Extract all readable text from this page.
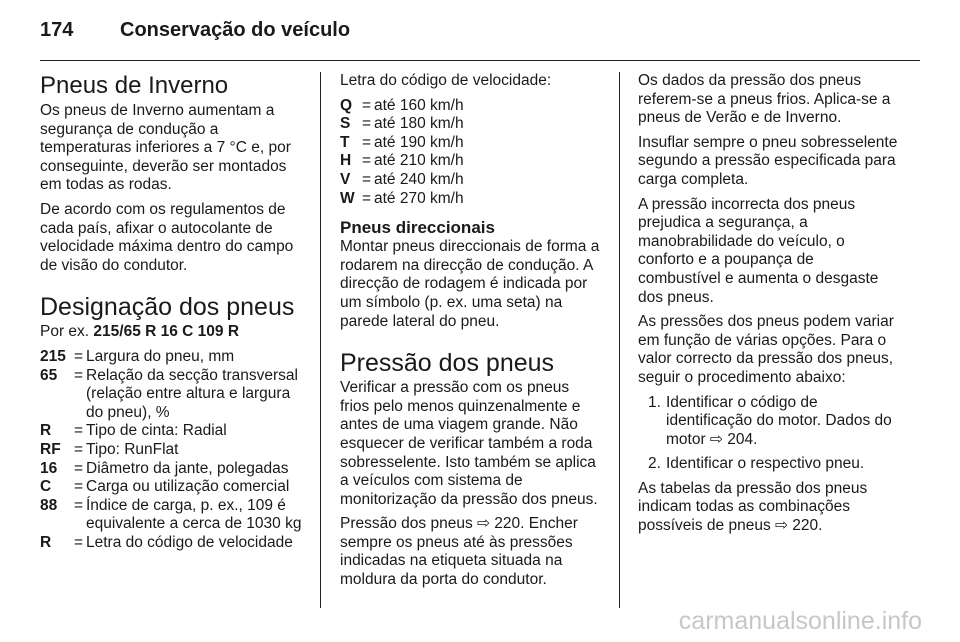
174	Conservação do veículo
Pneus de Inverno

Os pneus de Inverno aumentam a segurança de condução a temperaturas inferiores a 7 °C e, por conseguinte, deverão ser montados em todas as rodas.

De acordo com os regulamentos de cada país, afixar o autocolante de velocidade máxima dentro do campo de visão do condutor.

Designação dos pneus

Por ex. 215/65 R 16 C 109 R

215 = Largura do pneu, mm
65	= Relação da secção transversal (relação entre altura e largura do pneu), %
R	= Tipo de cinta: Radial
RF = Tipo: RunFlat
16	= Diâmetro da jante, polegadas
C	= Carga ou utilização comercial
88	= Índice de carga, p. ex., 109 é equivalente a cerca de 1030 kg
R	= Letra do código de velocidade

Letra do código de velocidade:

Q = até 160 km/h
S = até 180 km/h
T = até 190 km/h
H = até 210 km/h
V = até 240 km/h
W = até 270 km/h
Pneus direccionais

Montar pneus direccionais de forma a rodarem na direcção de condução. A direcção de rodagem é indicada por um símbolo (p. ex. uma seta) na parede lateral do pneu.

Pressão dos pneus

Verificar a pressão com os pneus frios pelo menos quinzenalmente e antes de uma viagem grande. Não esquecer de verificar também a roda sobresselente. Isto também se aplica a veículos com sistema de monitorização da pressão dos pneus.

Pressão dos pneus ⇨ 220. Encher sempre os pneus até às pressões indicadas na etiqueta situada na moldura da porta do condutor.

Os dados da pressão dos pneus referem-se a pneus frios. Aplica-se a pneus de Verão e de Inverno.

Insuflar sempre o pneu sobresselente segundo a pressão especificada para carga completa.

A pressão incorrecta dos pneus prejudica a segurança, a manobrabilidade do veículo, o conforto e a poupança de combustível e aumenta o desgaste dos pneus.

As pressões dos pneus podem variar em função de várias opções. Para o valor correcto da pressão dos pneus, seguir o procedimento abaixo:

1. Identificar o código de identificação do motor. Dados do motor ⇨ 204.
2. Identificar o respectivo pneu.

As tabelas da pressão dos pneus indicam todas as combinações possíveis de pneus ⇨ 220.

carmanualsonline.info
